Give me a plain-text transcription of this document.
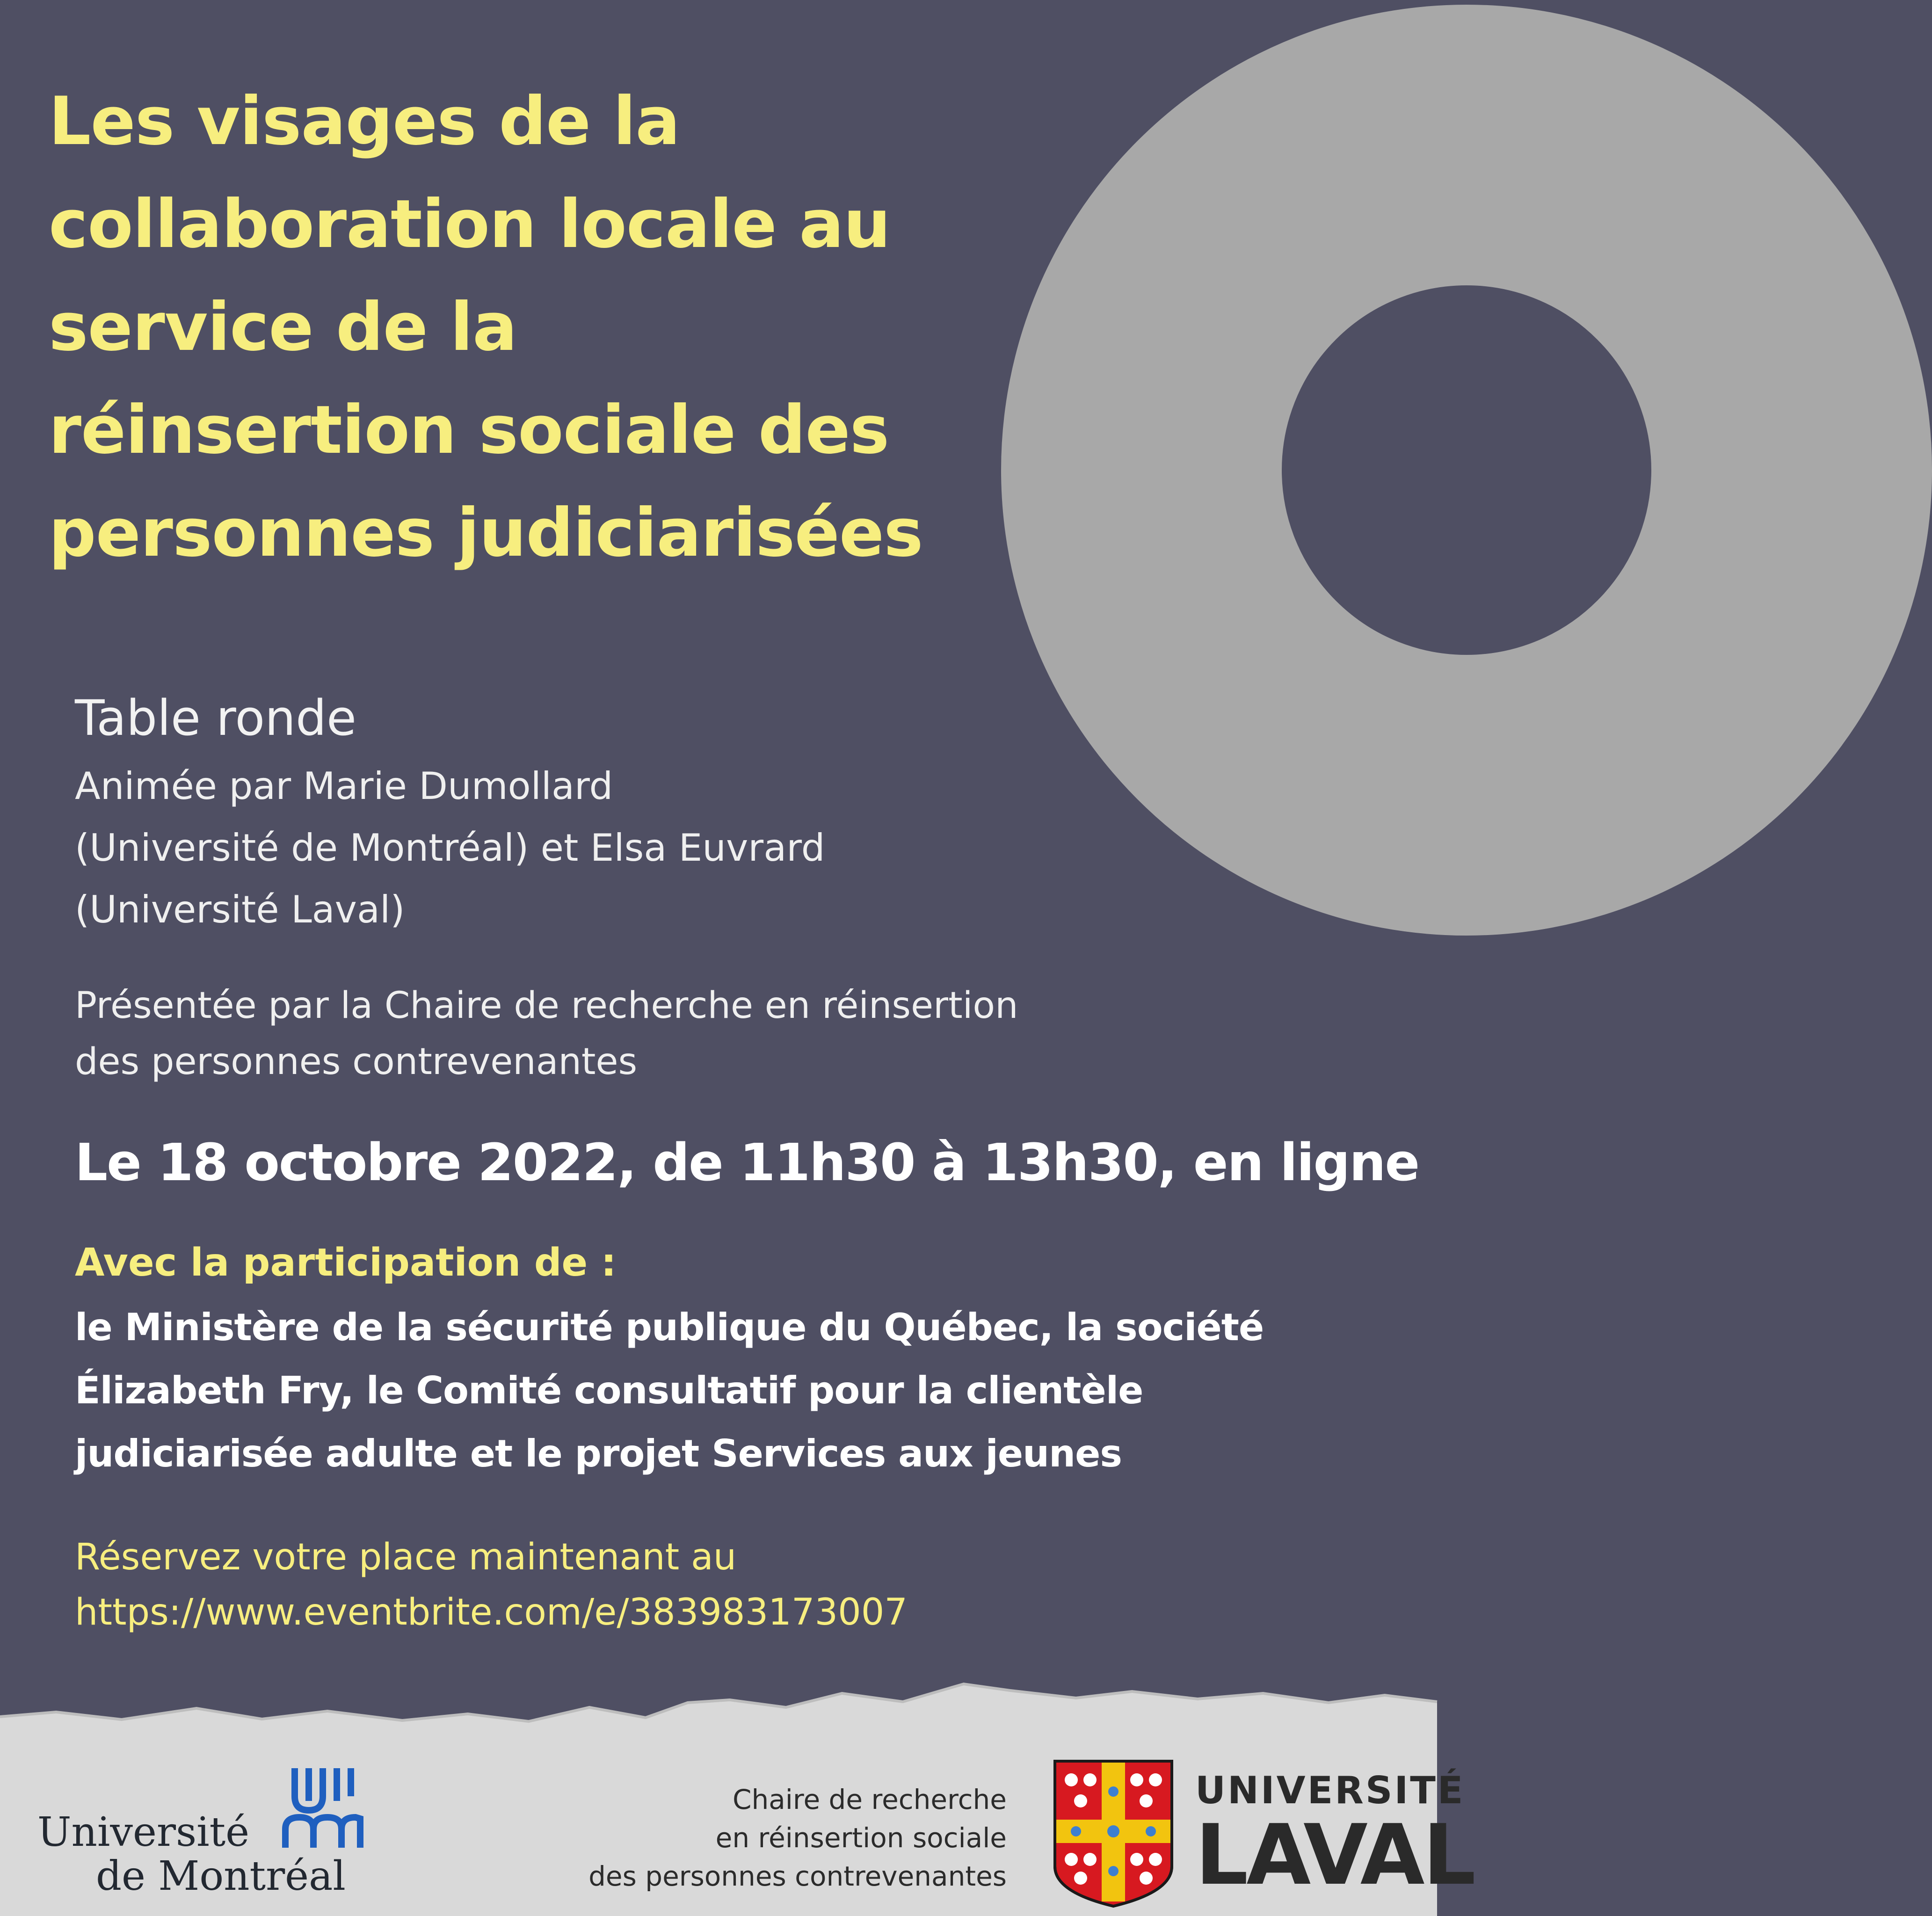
Les visages de la
collaboration locale au
service de la
réinsertion sociale des
personnes judiciarisées
Table ronde
Animée par Marie Dumollard
(Université de Montréal) et Elsa Euvrard
(Université Laval)
Présentée par la Chaire de recherche en réinsertion
des personnes contrevenantes
Le 18 octobre 2022, de 11h30 à 13h30, en ligne
Avec la participation de :
le Ministère de la sécurité publique du Québec, la société
Élizabeth Fry, le Comité consultatif pour la clientèle
judiciarisée adulte et le projet Services aux jeunes
Réservez votre place maintenant au
https://www.eventbrite.com/e/383983173007
Université
de Montréal
Chaire de recherche
en réinsertion sociale
des personnes contrevenantes
UNIVERSITÉ
LAVAL
